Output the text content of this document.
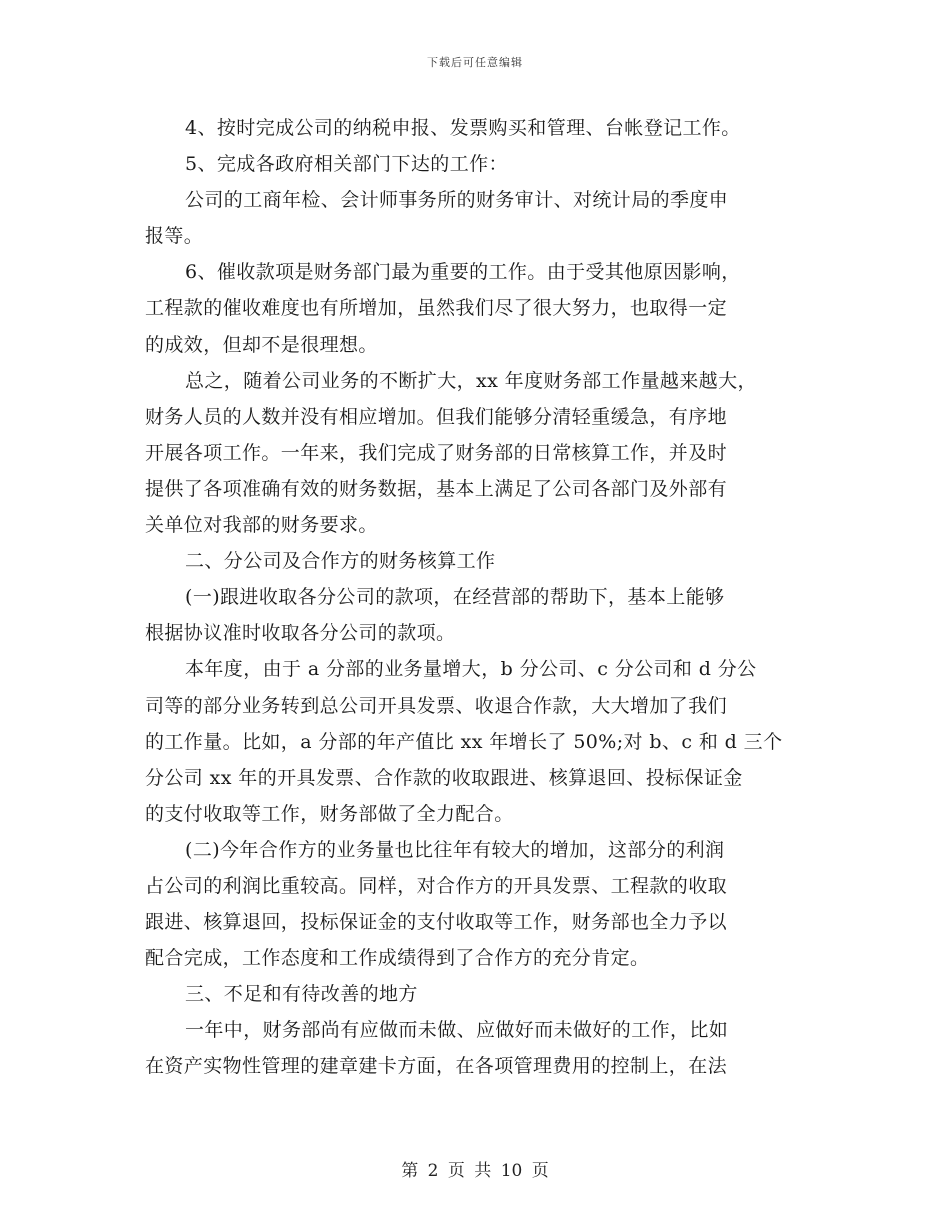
下载后可任意编辑
4、按时完成公司的纳税申报、发票购买和管理、台帐登记工作。
5、完成各政府相关部门下达的工作：
公司的工商年检、会计师事务所的财务审计、对统计局的季度申
报等。
6、催收款项是财务部门最为重要的工作。由于受其他原因影响，
工程款的催收难度也有所增加，虽然我们尽了很大努力，也取得一定
的成效，但却不是很理想。
总之，随着公司业务的不断扩大，xx 年度财务部工作量越来越大，
财务人员的人数并没有相应增加。但我们能够分清轻重缓急，有序地
开展各项工作。一年来，我们完成了财务部的日常核算工作，并及时
提供了各项准确有效的财务数据，基本上满足了公司各部门及外部有
关单位对我部的财务要求。
二、分公司及合作方的财务核算工作
(一)跟进收取各分公司的款项，在经营部的帮助下，基本上能够
根据协议准时收取各分公司的款项。
本年度，由于 a 分部的业务量增大，b 分公司、c 分公司和 d 分公
司等的部分业务转到总公司开具发票、收退合作款，大大增加了我们
的工作量。比如，a 分部的年产值比 xx 年增长了 50%;对 b、c 和 d 三个
分公司 xx 年的开具发票、合作款的收取跟进、核算退回、投标保证金
的支付收取等工作，财务部做了全力配合。
(二)今年合作方的业务量也比往年有较大的增加，这部分的利润
占公司的利润比重较高。同样，对合作方的开具发票、工程款的收取
跟进、核算退回，投标保证金的支付收取等工作，财务部也全力予以
配合完成，工作态度和工作成绩得到了合作方的充分肯定。
三、不足和有待改善的地方
一年中，财务部尚有应做而未做、应做好而未做好的工作，比如
在资产实物性管理的建章建卡方面，在各项管理费用的控制上，在法
第 2 页 共 10 页
